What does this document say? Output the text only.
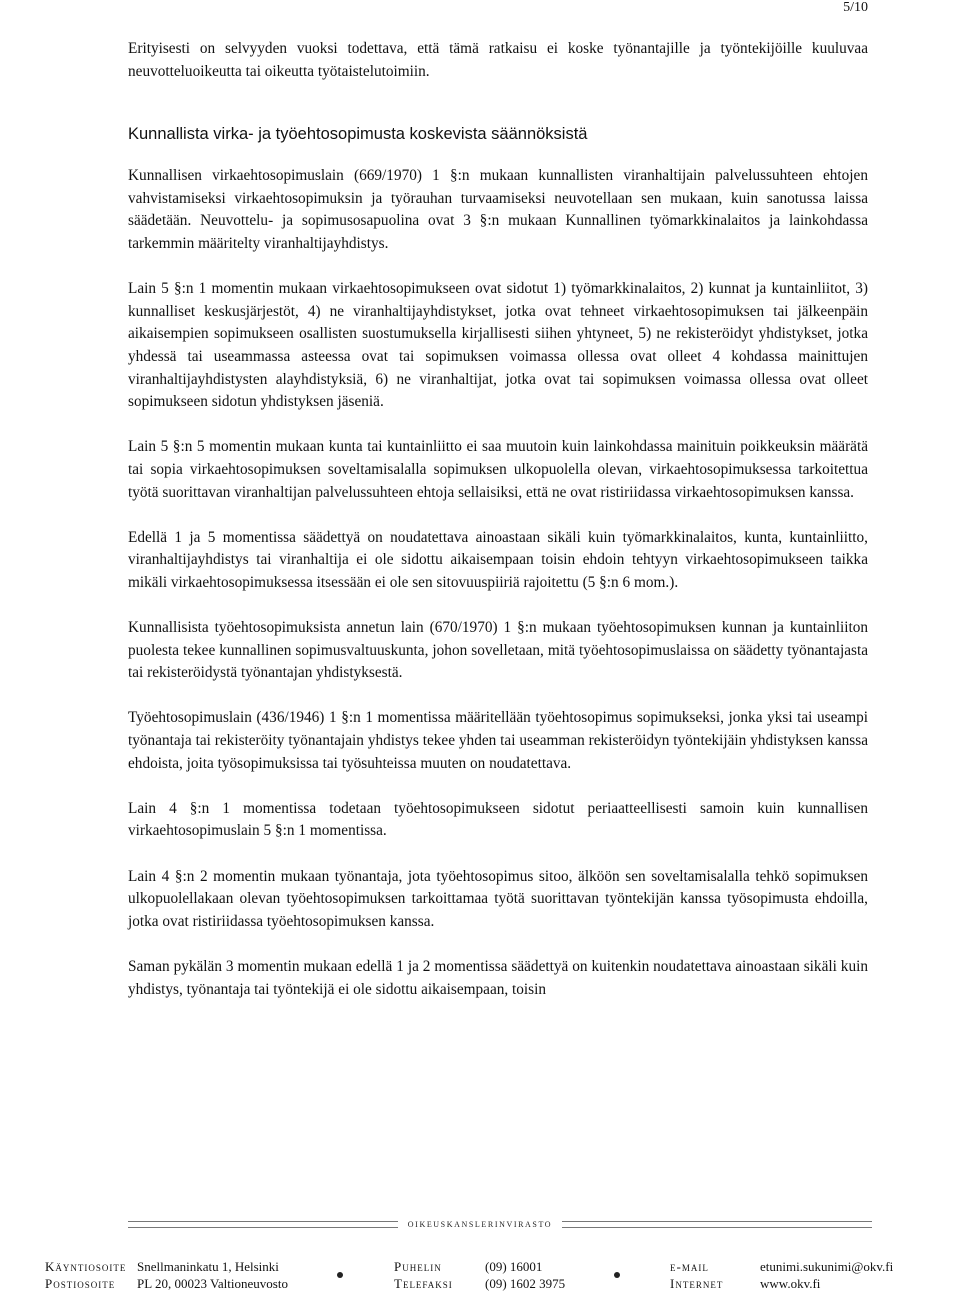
5/10

Erityisesti on selvyyden vuoksi todettava, että tämä ratkaisu ei koske työnantajille ja työntekijöille kuuluvaa neuvotteluoikeutta tai oikeutta työtaistelutoimiin.

Kunnallista virka- ja työehtosopimusta koskevista säännöksistä

Kunnallisen virkaehtosopimuslain (669/1970) 1 §:n mukaan kunnallisten viranhaltijain palvelussuhteen ehtojen vahvistamiseksi virkaehtosopimuksin ja työrauhan turvaamiseksi neuvotellaan sen mukaan, kuin sanotussa laissa säädetään. Neuvottelu- ja sopimusosapuolina ovat 3 §:n mukaan Kunnallinen työmarkkinalaitos ja lainkohdassa tarkemmin määritelty viranhaltijayhdistys.

Lain 5 §:n 1 momentin mukaan virkaehtosopimukseen ovat sidotut 1) työmarkkinalaitos, 2) kunnat ja kuntainliitot, 3) kunnalliset keskusjärjestöt, 4) ne viranhaltijayhdistykset, jotka ovat tehneet virkaehtosopimuksen tai jälkeenpäin aikaisempien sopimukseen osallisten suostumuksella kirjallisesti siihen yhtyneet, 5) ne rekisteröidyt yhdistykset, jotka yhdessä tai useammassa asteessa ovat tai sopimuksen voimassa ollessa ovat olleet 4 kohdassa mainittujen viranhaltijayhdistysten alayhdistyksiä, 6) ne viranhaltijat, jotka ovat tai sopimuksen voimassa ollessa ovat olleet sopimukseen sidotun yhdistyksen jäseniä.

Lain 5 §:n 5 momentin mukaan kunta tai kuntainliitto ei saa muutoin kuin lainkohdassa mainituin poikkeuksin määrätä tai sopia virkaehtosopimuksen soveltamisalalla sopimuksen ulkopuolella olevan, virkaehtosopimuksessa tarkoitettua työtä suorittavan viranhaltijan palvelussuhteen ehtoja sellaisiksi, että ne ovat ristiriidassa virkaehtosopimuksen kanssa.

Edellä 1 ja 5 momentissa säädettyä on noudatettava ainoastaan sikäli kuin työmarkkinalaitos, kunta, kuntainliitto, viranhaltijayhdistys tai viranhaltija ei ole sidottu aikaisempaan toisin ehdoin tehtyyn virkaehtosopimukseen taikka mikäli virkaehtosopimuksessa itsessään ei ole sen sitovuuspiiriä rajoitettu (5 §:n 6 mom.).

Kunnallisista työehtosopimuksista annetun lain (670/1970) 1 §:n mukaan työehtosopimuksen kunnan ja kuntainliiton puolesta tekee kunnallinen sopimusvaltuuskunta, johon sovelletaan, mitä työehtosopimuslaissa on säädetty työnantajasta tai rekisteröidystä työnantajan yhdistyksestä.

Työehtosopimuslain (436/1946) 1 §:n 1 momentissa määritellään työehtosopimus sopimukseksi, jonka yksi tai useampi työnantaja tai rekisteröity työnantajain yhdistys tekee yhden tai useamman rekisteröidyn työntekijäin yhdistyksen kanssa ehdoista, joita työsopimuksissa tai työsuhteissa muuten on noudatettava.

Lain 4 §:n 1 momentissa todetaan työehtosopimukseen sidotut periaatteellisesti samoin kuin kunnallisen virkaehtosopimuslain 5 §:n 1 momentissa.

Lain 4 §:n 2 momentin mukaan työnantaja, jota työehtosopimus sitoo, älköön sen soveltamisalalla tehkö sopimuksen ulkopuolellakaan olevan työehtosopimuksen tarkoittamaa työtä suorittavan työntekijän kanssa työsopimusta ehdoilla, jotka ovat ristiriidassa työehtosopimuksen kanssa.

Saman pykälän 3 momentin mukaan edellä 1 ja 2 momentissa säädettyä on kuitenkin noudatettava ainoastaan sikäli kuin yhdistys, työnantaja tai työntekijä ei ole sidottu aikaisempaan, toisin

oikeuskanslerinvirasto
Käyntiosoite
Postiosoite
Snellmaninkatu 1, Helsinki
PL 20, 00023 Valtioneuvosto
Puhelin
Telefaksi
(09) 16001
(09) 1602 3975
e-mail
Internet
etunimi.sukunimi@okv.fi
www.okv.fi
